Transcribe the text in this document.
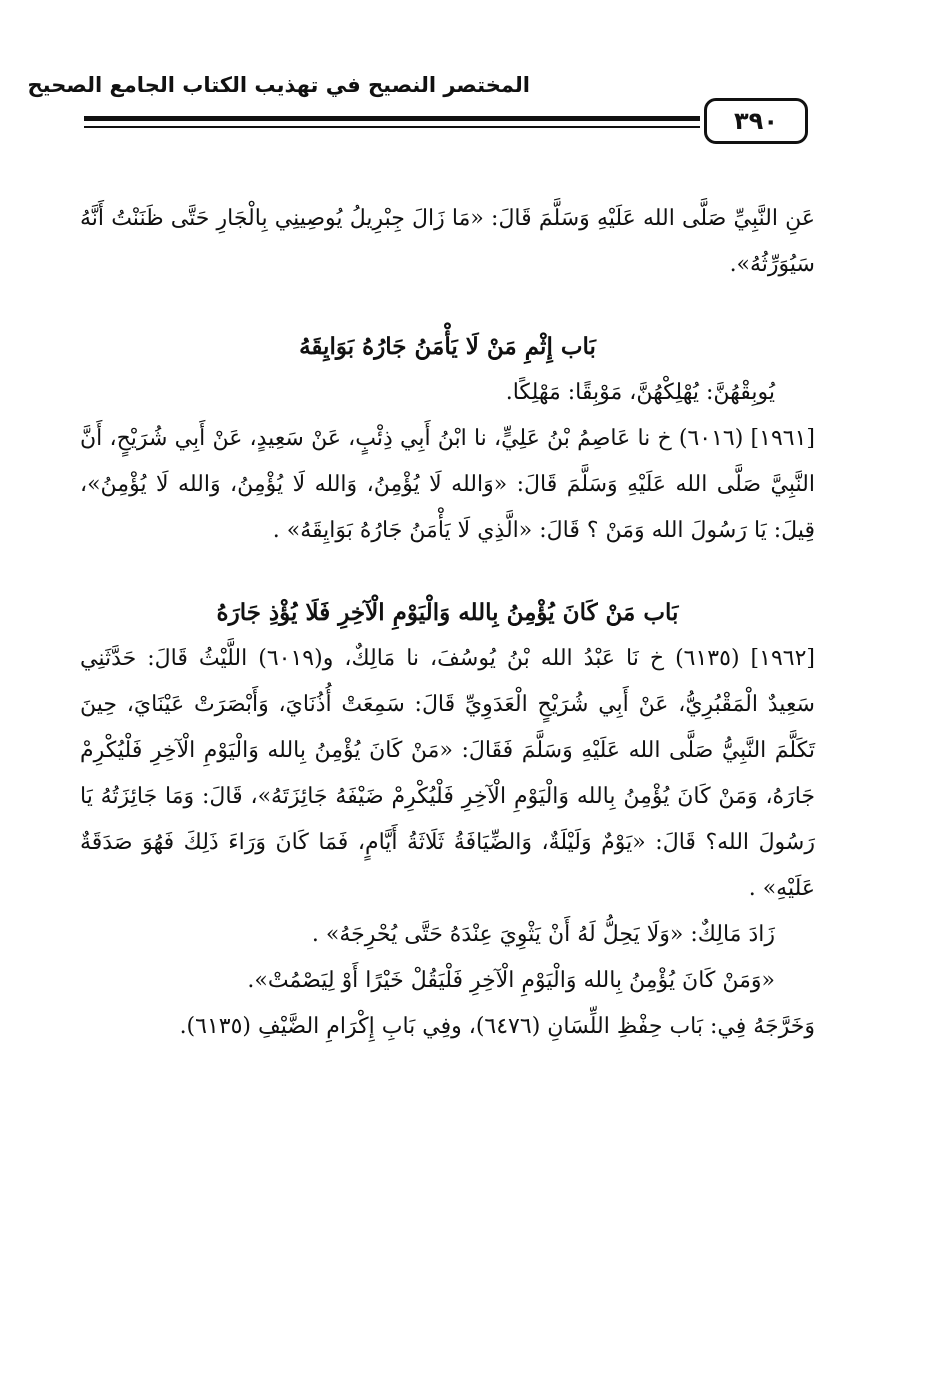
المختصر النصيح في تهذيب الكتاب الجامع الصحيح
٣٩٠

عَنِ النَّبِيِّ صَلَّى الله عَلَيْهِ وَسَلَّمَ قَالَ: «مَا زَالَ جِبْرِيلُ يُوصِينِي بِالْجَارِ حَتَّى ظَنَنْتُ أَنَّهُ سَيُوَرِّثُهُ».

بَاب إِثْمِ مَنْ لَا يَأْمَنُ جَارُهُ بَوَايِقَهُ

يُوبِقْهُنَّ: يُهْلِكْهُنَّ، مَوْبِقًا: مَهْلِكًا.

[١٩٦١] (٦٠١٦) خ نا عَاصِمُ بْنُ عَلِيٍّ، نا ابْنُ أَبِي ذِئْبٍ، عَنْ سَعِيدٍ، عَنْ أَبِي شُرَيْحٍ، أَنَّ النَّبِيَّ صَلَّى الله عَلَيْهِ وَسَلَّمَ قَالَ: «وَالله لَا يُؤْمِنُ، وَالله لَا يُؤْمِنُ، وَالله لَا يُؤْمِنُ»، قِيلَ: يَا رَسُولَ الله وَمَنْ ؟ قَالَ: «الَّذِي لَا يَأْمَنُ جَارُهُ بَوَايِقَهُ» .

بَاب مَنْ كَانَ يُؤْمِنُ بِالله وَالْيَوْمِ الْآخِرِ فَلَا يُؤْذِ جَارَهُ

[١٩٦٢] (٦١٣٥) خ نَا عَبْدُ الله بْنُ يُوسُفَ، نا مَالِكٌ، و(٦٠١٩) اللَّيْثُ قَالَ: حَدَّثَنِي سَعِيدٌ الْمَقْبُرِيُّ، عَنْ أَبِي شُرَيْحٍ الْعَدَوِيِّ قَالَ: سَمِعَتْ أُذُنَايَ، وَأَبْصَرَتْ عَيْنَايَ، حِينَ تَكَلَّمَ النَّبِيُّ صَلَّى الله عَلَيْهِ وَسَلَّمَ فَقَالَ: «مَنْ كَانَ يُؤْمِنُ بِالله وَالْيَوْمِ الْآخِرِ فَلْيُكْرِمْ جَارَهُ، وَمَنْ كَانَ يُؤْمِنُ بِالله وَالْيَوْمِ الْآخِرِ فَلْيُكْرِمْ ضَيْفَهُ جَائِزَتَهُ»، قَالَ: وَمَا جَائِزَتُهُ يَا رَسُولَ الله؟ قَالَ: «يَوْمٌ وَلَيْلَةٌ، وَالضِّيَافَةُ ثَلَاثَةُ أَيَّامٍ، فَمَا كَانَ وَرَاءَ ذَلِكَ فَهُوَ صَدَقَةٌ عَلَيْهِ» .

زَادَ مَالِكٌ: «وَلَا يَحِلُّ لَهُ أَنْ يَثْوِيَ عِنْدَهُ حَتَّى يُحْرِجَهُ» .

«وَمَنْ كَانَ يُؤْمِنُ بِالله وَالْيَوْمِ الْآخِرِ فَلْيَقُلْ خَيْرًا أَوْ لِيَصْمُتْ».

وَخَرَّجَهُ فِي: بَاب حِفْظِ اللِّسَانِ (٦٤٧٦)، وفِي بَابِ إِكْرَامِ الضَّيْفِ (٦١٣٥).
